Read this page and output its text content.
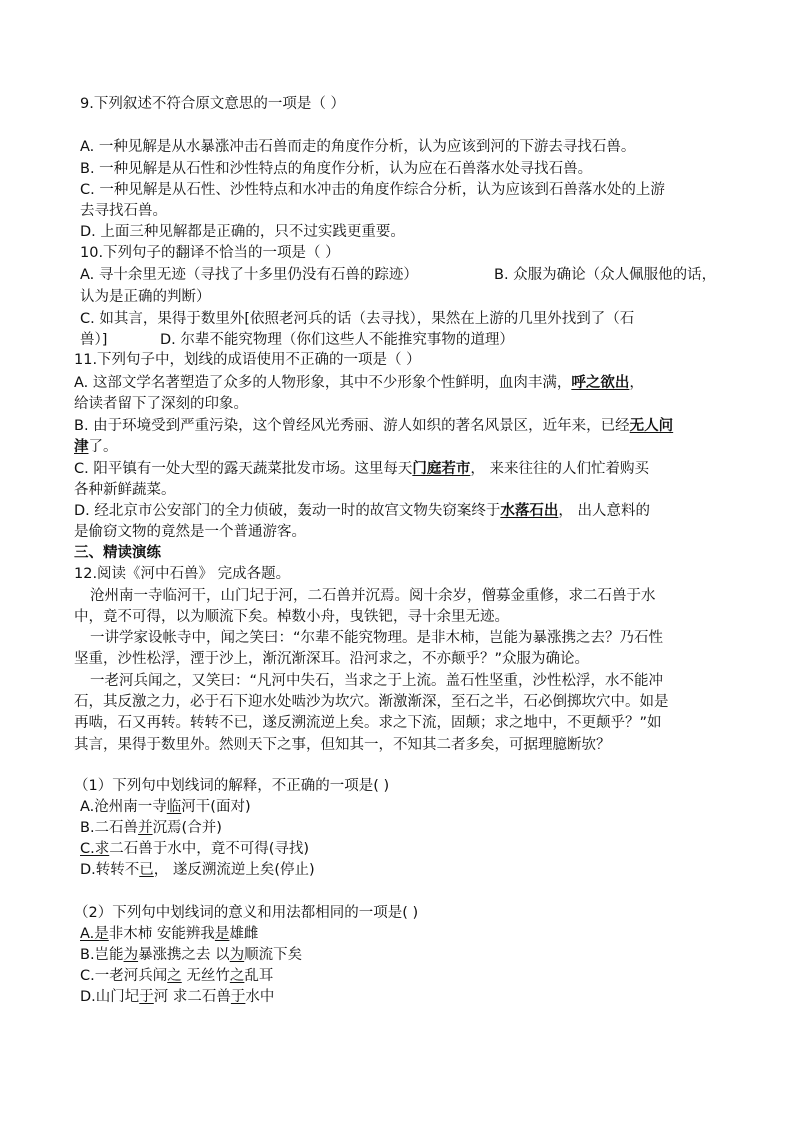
9.下列叙述不符合原文意思的一项是（ ）
A. 一种见解是从水暴涨冲击石兽而走的角度作分析，认为应该到河的下游去寻找石兽。
B. 一种见解是从石性和沙性特点的角度作分析，认为应在石兽落水处寻找石兽。
C. 一种见解是从石性、沙性特点和水冲击的角度作综合分析，认为应该到石兽落水处的上游
去寻找石兽。
D. 上面三种见解都是正确的，只不过实践更重要。
10.下列句子的翻译不恰当的一项是（ ）
A. 寻十余里无迹（寻找了十多里仍没有石兽的踪迹）	B. 众服为确论（众人佩服他的话，
认为是正确的判断）
C. 如其言，果得于数里外[依照老河兵的话（去寻找），果然在上游的几里外找到了（石
兽）]	D. 尔辈不能究物理（你们这些人不能推究事物的道理）
11.下列句子中，划线的成语使用不正确的一项是（ ）
A. 这部文学名著塑造了众多的人物形象，其中不少形象个性鲜明，血肉丰满，呼之欲出，
给读者留下了深刻的印象。
B. 由于环境受到严重污染，这个曾经风光秀丽、游人如织的著名风景区，近年来，已经无人问
津了。
C. 阳平镇有一处大型的露天蔬菜批发市场。这里每天门庭若市， 来来往往的人们忙着购买
各种新鲜蔬菜。
D. 经北京市公安部门的全力侦破，轰动一时的故宫文物失窃案终于水落石出， 出人意料的
是偷窃文物的竟然是一个普通游客。
三、精读演练
12.阅读《河中石兽》 完成各题。
沧州南一寺临河干，山门圮于河，二石兽并沉焉。阅十余岁，僧募金重修，求二石兽于水
中，竟不可得，以为顺流下矣。棹数小舟，曳铁钯，寻十余里无迹。
一讲学家设帐寺中，闻之笑曰：“尔辈不能究物理。是非木柿，岂能为暴涨携之去？乃石性
坚重，沙性松浮，湮于沙上，渐沉渐深耳。沿河求之，不亦颠乎？”众服为确论。
一老河兵闻之，又笑曰：“凡河中失石，当求之于上流。盖石性坚重，沙性松浮，水不能冲
石，其反激之力，必于石下迎水处啮沙为坎穴。渐激渐深，至石之半，石必倒掷坎穴中。如是
再啮，石又再转。转转不已，遂反溯流逆上矣。求之下流，固颠；求之地中，不更颠乎？”如
其言，果得于数里外。然则天下之事，但知其一，不知其二者多矣，可据理臆断欤？
（1）下列句中划线词的解释，不正确的一项是( )
A.沧州南一寺临河干(面对)
B.二石兽并沉焉(合并)
C.求二石兽于水中，竟不可得(寻找)
D.转转不已， 遂反溯流逆上矣(停止)
（2）下列句中划线词的意义和用法都相同的一项是( )
A.是非木柿 安能辨我是雄雌
B.岂能为暴涨携之去 以为顺流下矣
C.一老河兵闻之 无丝竹之乱耳
D.山门圮于河 求二石兽于水中
